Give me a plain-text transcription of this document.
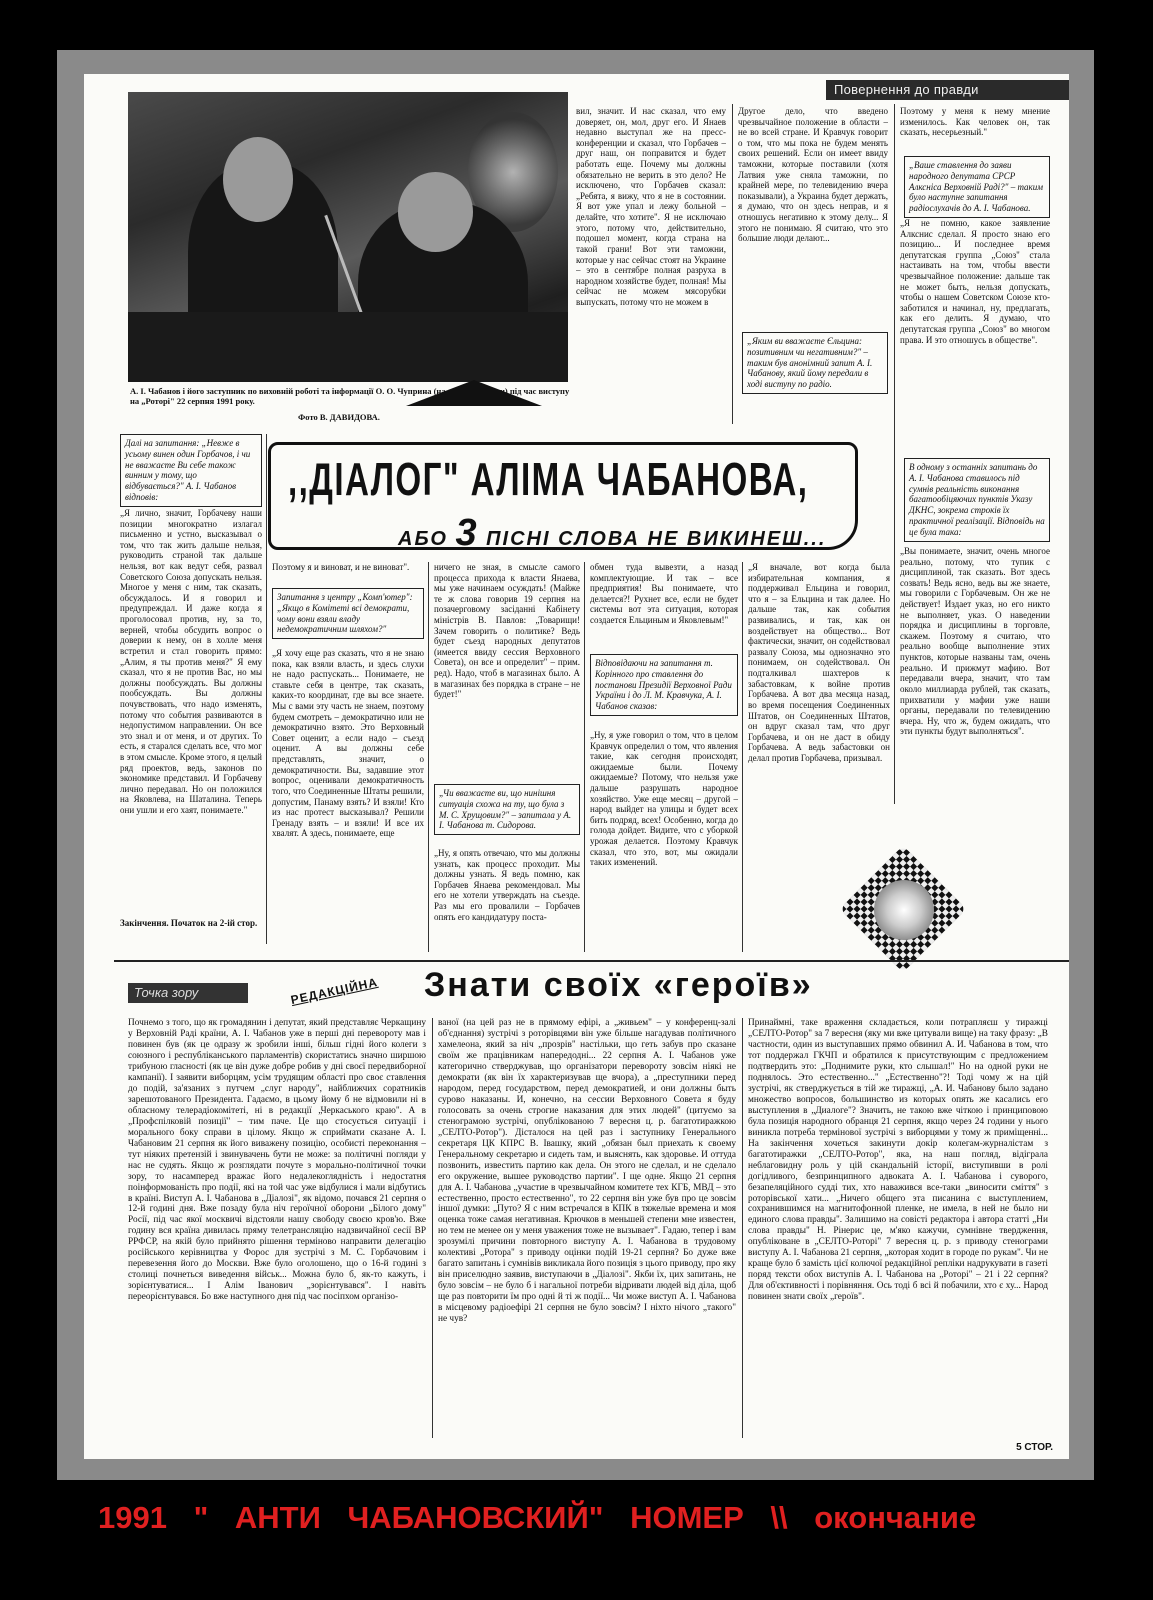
Повернення до правди
А. І. Чабанов і його заступник по виховній роботі та інформації О. О. Чуприна (на знімку ліворуч) під час виступу на „Роторі" 22 серпня 1991 року.
Фото В. ДАВИДОВА.
вил, значит. И нас сказал, что ему доверяет, он, мол, друг его. И Янаев недавно выступал же на пресс-конференции и сказал, что Горбачев – друг наш, он поправится и будет работать еще. Почему мы должны обязательно не верить в это дело? Не исключено, что Горбачев сказал: „Ребята, я вижу, что я не в состоянии. Я вот уже упал и лежу больной – делайте, что хотите". Я не исключаю этого, потому что, действительно, подошел момент, когда страна на такой грани! Вот эти таможни, которые у нас сейчас стоят на Украине – это в сентябре полная разруха в народном хозяйстве будет, полная! Мы сейчас не можем мясорубки выпускать, потому что не можем в
Другое дело, что введено чрезвычайное положение в области – не во всей стране. И Кравчук говорит о том, что мы пока не будем менять своих решений. Если он имеет ввиду таможни, которые поставили (хотя Латвия уже сняла таможни, по крайней мере, по телевидению вчера показывали), а Украина будет держать, я думаю, что он здесь неправ, и я отношусь негативно к этому делу... Я этого не понимаю. Я считаю, что это большие люди делают...
„Яким ви вважаєте Єльцина: позитивним чи негативним?" – таким був анонімний запит А. І. Чабанову, який йому передали в ході виступу по радіо.
Поэтому у меня к нему мнение изменилось. Как человек он, так сказать, несерьезный."
„Ваше ставлення до заяви народного депутата СРСР Алксніса Верховній Раді?" – таким було наступне запитання радіослухачів до А. І. Чабанова.
„Я не помню, какое заявление Алкснис сделал. Я просто знаю его позицию... И последнее время депутатская группа „Союз" стала настаивать на том, чтобы ввести чрезвычайное положение: дальше так не может быть, нельзя допускать, чтобы о нашем Советском Союзе кто-заботился и начинал, ну, предлагать, как его делить. Я думаю, что депутатская группа „Союз" во многом права. И это отношусь в обществе".
В одному з останніх запитань до А. І. Чабанова ставилось під сумнів реальність виконання багатообіцяючих пунктів Указу ДКНС, зокрема строків їх практичної реалізації. Відповідь на це була така:
„Вы понимаете, значит, очень многое реально, потому, что тупик с дисциплиной, так сказать. Вот здесь созвать! Ведь ясно, ведь вы же знаете, мы говорили с Горбачевым. Он же не действует! Издает указ, но его никто не выполняет, указ. О наведении порядка и дисциплины в торговле, скажем. Поэтому я считаю, что реально вообще выполнение этих пунктов, которые названы там, очень реально. И прижмут мафию. Вот передавали вчера, значит, что там около миллиарда рублей, так сказать, прихватили у мафии уже наши органы, передавали по телевидению вчера. Ну, что ж, будем ожидать, что эти пункты будут выполняться".
,,ДІАЛОГ" АЛІМА ЧАБАНОВА,
АБО 3 ПІСНІ СЛОВА НЕ ВИКИНЕШ...
Далі на запитання: „Невже в усьому винен один Горбачов, і чи не вважаєте Ви себе також винним у тому, що відбувається?" А. І. Чабанов відповів:
„Я лично, значит, Горбачеву наши позиции многократно излагал письменно и устно, высказывал о том, что так жить дальше нельзя, руководить страной так дальше нельзя, вот как ведут себя, развал Советского Союза допускать нельзя. Многое у меня с ним, так сказать, обсуждалось. И я говорил и предупреждал. И даже когда я проголосовал против, ну, за то, верней, чтобы обсудить вопрос о доверии к нему, он в холле меня встретил и стал говорить прямо: „Алим, я ты против меня?" Я ему сказал, что я не против Вас, но мы должны пообсуждать. Вы должны пообсуждать. Вы должны почувствовать, что надо изменять, потому что события развиваются в недопустимом направлении. Он все это знал и от меня, и от других. То есть, я старался сделать все, что мог в этом смысле. Кроме этого, я целый ряд проектов, ведь, законов по экономике представил. И Горбачеву лично передавал. Но он положился на Яковлева, на Шаталина. Теперь они ушли и его хаят, понимаете."
Закінчення. Початок на 2-ій стор.
Поэтому я и виноват, и не виноват".
Запитання з центру „Комп'ютер": „Якщо в Комітеті всі демократи, чому вони взяли владу недемократичним шляхом?"
„Я хочу еще раз сказать, что я не знаю пока, как взяли власть, и здесь слухи не надо распускать... Понимаете, не ставьте себя в центре, так сказать, каких-то координат, где вы все знаете. Мы с вами эту часть не знаем, поэтому будем смотреть – демократично или не демократично взято. Это Верховный Совет оценит, а если надо – съезд оценит. А вы должны себе представлять, значит, о демократичности. Вы, задавшие этот вопрос, оценивали демократичность того, что Соединенные Штаты решили, допустим, Панаму взять? И взяли! Кто из нас протест высказывал? Решили Гренаду взять – и взяли! И все их хвалят. А здесь, понимаете, еще
ничего не зная, в смысле самого процесса прихода к власти Янаева, мы уже начинаем осуждать! (Майже те ж слова говорив 19 серпня на позачерговому засіданні Кабінету міністрів В. Павлов: „Товарищи! Зачем говорить о политике? Ведь будет съезд народных депутатов (имеется ввиду сессия Верховного Совета), он все и определит" – прим. ред). Надо, чтоб в магазинах было. А в магазинах без порядка в стране – не будет!"
„Чи вважаєте ви, що нинішня ситуація схожа на ту, що була з М. С. Хрущовим?" – запитала у А. І. Чабанова т. Сидорова.
„Ну, я опять отвечаю, что мы должны узнать, как процесс проходит. Мы должны узнать. Я ведь помню, как Горбачев Янаева рекомендовал. Мы его не хотели утверждать на съезде. Раз мы его провалили – Горбачев опять его кандидатуру поста-
обмен туда вывезти, а назад комплектующие. И так – все предприятия! Вы понимаете, что делается?! Рухнет все, если не будет системы вот эта ситуация, которая создается Ельциным и Яковлевым!"
Відповідаючи на запитання т. Корінного про ставлення до постанови Президії Верховної Ради України і до Л. М. Кравчука, А. І. Чабанов сказав:
„Ну, я уже говорил о том, что в целом Кравчук определил о том, что явления такие, как сегодня происходят, ожидаемые были. Почему ожидаемые? Потому, что нельзя уже дальше разрушать народное хозяйство. Уже еще месяц – другой – народ выйдет на улицы и будет всех бить подряд, всех! Особенно, когда до голода дойдет. Видите, что с уборкой урожая делается. Поэтому Кравчук сказал, что это, вот, мы ожидали таких изменений.
„Я вначале, вот когда была избирательная компания, я поддерживал Ельцина и говорил, что я – за Ельцина и так далее. Но дальше так, как события развивались, и так, как он воздействует на общество... Вот фактически, значит, он содействовал развалу Союза, мы однозначно это понимаем, он содействовал. Он подталкивал шахтеров к забастовкам, к войне против Горбачева. А вот два месяца назад, во время посещения Соединенных Штатов, он Соединенных Штатов, он вдруг сказал там, что друг Горбачева, и он не даст в обиду Горбачева. А ведь забастовки он делал против Горбачева, призывал.
Точка зору	РЕДАКЦІЙНА Знати своїх «героїв»
Почнемо з того, що як громадянин і депутат, який представляє Черкащину у Верховній Раді країни, А. І. Чабанов уже в перші дні перевороту мав і повинен був (як це одразу ж зробили інші, більш гідні його колеги з союзного і республіканського парламентів) скористатись значно ширшою трибуною гласності (як це він дуже добре робив у дні своєї передвиборної кампанії). І заявити виборцям, усім трудящим області про своє ставлення до подій, за'язаних з путчем „слуг народу", найближчих соратників зарешотованого Президента. Гадаємо, в цьому йому б не відмовили ні в обласному телерадіокомітеті, ні в редакції „Черкаського краю". А в „Профспілковій позиції" – тим паче. Це що стосується ситуації і морального боку справи в цілому. Якщо ж сприймати сказане А. І. Чабановим 21 серпня як його виважену позицію, особисті переконання – тут ніяких претензій і звинувачень бути не може: за політичні погляди у нас не судять. Якщо ж розглядати почуте з морально-політичної точки зору, то насамперед вражає його недалекоглядність і недостатня поінформованість про події, які на той час уже відбулися і мали відбутись в країні. Виступ А. І. Чабанова в „Діалозі", як відомо, почався 21 серпня о 12-й годині дня. Вже позаду була ніч героїчної оборони „Білого дому" Росії, під час якої москвичі відстояли нашу свободу своєю кров'ю. Вже годину вся країна дивилась пряму телетрансляцію надзвичайної сесії ВР РРФСР, на якій було прийнято рішення терміново направити делегацію російського керівництва у Форос для зустрічі з М. С. Горбачовим і перевезення його до Москви. Вже було оголошено, що о 16-й годині з столиці почнеться виведення військ... Можна було б, як-то кажуть, і зорієнтуватися... І Алім Іванович „зорієнтувався". І навіть переорієнтувався. Бо вже наступного дня під час посіпхом організо-
ваної (на цей раз не в прямому ефірі, а „живьем" – у конференц-залі об'єднання) зустрічі з роторівцями він уже більше нагадував політичного хамелеона, який за ніч „прозрів" настільки, що геть забув про сказане своїм же працівникам напередодні... 22 серпня А. І. Чабанов уже категорично стверджував, що організатори перевороту зовсім ніякі не демократи (як він їх характеризував ще вчора), а „преступники перед народом, перед государством, перед демократией, и они должны быть сурово наказаны. И, конечно, на сессии Верховного Совета я буду голосовать за очень строгие наказания для этих людей" (цитуємо за стенограмою зустрічі, опублікованою 7 вересня ц. р. багатотиражкою „СЕЛТО-Ротор"). Дісталося на цей раз і заступнику Генерального секретаря ЦК КПРС В. Івашку, який „обязан был приехать к своему Генеральному секретарю и сидеть там, и выяснять, как здоровье. И оттуда позвонить, известить партию как дела. Он этого не сделал, и не сделало его окружение, вышее руководство партии". І ще одне. Якщо 21 серпня для А. І. Чабанова „участие в чрезвычайном комитете тех КГБ, МВД – это естественно, просто естественно", то 22 серпня він уже був про це зовсім іншої думки: „Путо? Я с ним встречался в КПК в тяжелые времена и моя оценка тоже самая негативная. Крючков в меньшей степени мне известен, но тем не менее он у меня уважения тоже не вызывает". Гадаю, тепер і вам зрозумілі причини повторного виступу А. І. Чабанова в трудовому колективі „Ротора" з приводу оцінки подій 19-21 серпня? Бо дуже вже багато запитань і сумнівів викликала його позиція з цього приводу, про яку він приселюдно заявив, виступаючи в „Діалозі". Якби їх, цих запитань, не було зовсім – не було б і нагальної потреби відривати людей від діла, щоб ще раз повторити їм про одні й ті ж події... Чи може виступ А. І. Чабанова в місцевому радіоефірі 21 серпня не було зовсім? І ніхто нічого „такого" не чув?
Принаймні, таке враження складається, коли потрапляєш у тиражці „СЕЛТО-Ротор" за 7 вересня (яку ми вже цитували вище) на таку фразу: „В частности, один из выступавших прямо обвинил А. И. Чабанова в том, что тот поддержал ГКЧП и обратился к присутствующим с предложением подтвердить это: „Поднимите руки, кто слышал!" Но на одной руки не поднялось. Это естественно..." „Естественно"?! Тоді чому ж на цій зустрічі, як стверджується в тій же тиражці, „А. И. Чабанову было задано множество вопросов, большинство из которых опять же касались его выступления в „Диалоге"? Значить, не такою вже чіткою і принциповою була позиція народного обранця 21 серпня, якщо через 24 години у нього виникла потреба термінової зустрічі з виборцями у тому ж приміщенні... На закінчення хочеться закинути докір колегам-журналістам з багатотиражки „СЕЛТО-Ротор", яка, на наш погляд, відіграла неблаговидну роль у цій скандальній історії, виступивши в ролі догідливого, безпринципного адвоката А. І. Чабанова і суворого, безапеляційного судді тих, хто наважився все-таки „виносити сміття" з роторівської хати... „Ничего общего эта писанина с выступлением, сохранившимся на магнитофонной пленке, не имела, в ней не было ни единого слова правды". Залишимо на совісті редактора і автора статті „Ни слова правды" Н. Рінерис це, м'яко кажучи, сумнівне твердження, опубліковане в „СЕЛТО-Роторі" 7 вересня ц. р. з приводу стенограми виступу А. І. Чабанова 21 серпня, „которая ходит в городе по рукам". Чи не краще було б замість цієї колючої редакційної репліки надрукувати в газеті поряд тексти обох виступів А. І. Чабанова на „Роторі" – 21 і 22 серпня? Для об'єктивності і порівняння. Ось тоді б всі й побачили, хто є ху... Народ повинен знати своїх „героїв".
5 СТОР.
1991 " АНТИ ЧАБАНОВСКИЙ" НОМЕР \\ окончание
